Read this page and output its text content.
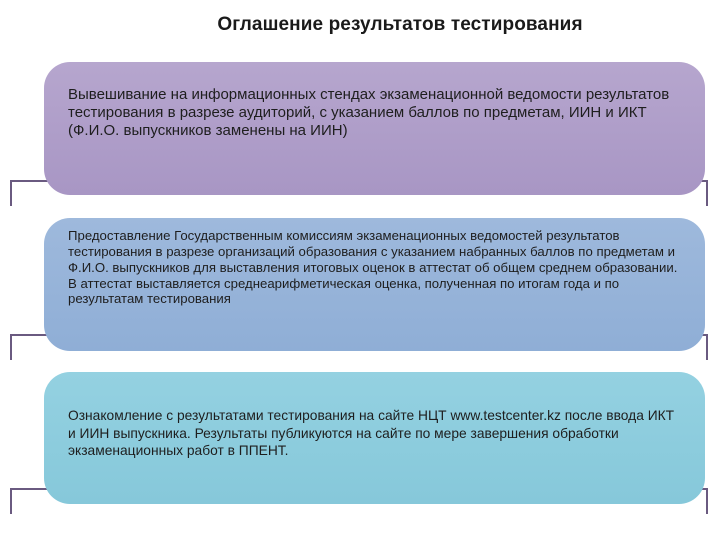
Оглашение результатов тестирования
Вывешивание на информационных стендах экзаменационной ведомости результатов тестирования в разрезе аудиторий, с указанием баллов по предметам, ИИН и ИКТ (Ф.И.О. выпускников заменены на ИИН)
Предоставление Государственным комиссиям экзаменационных ведомостей результатов тестирования в разрезе организаций образования с указанием набранных баллов по предметам и Ф.И.О. выпускников для выставления итоговых оценок в аттестат об общем среднем образовании. В аттестат выставляется среднеарифметическая оценка, полученная по итогам года и по результатам тестирования
Ознакомление с результатами тестирования на сайте НЦТ www.testcenter.kz после ввода ИКТ и ИИН выпускника. Результаты публикуются на сайте по мере завершения обработки экзаменационных работ в ППЕНТ.
